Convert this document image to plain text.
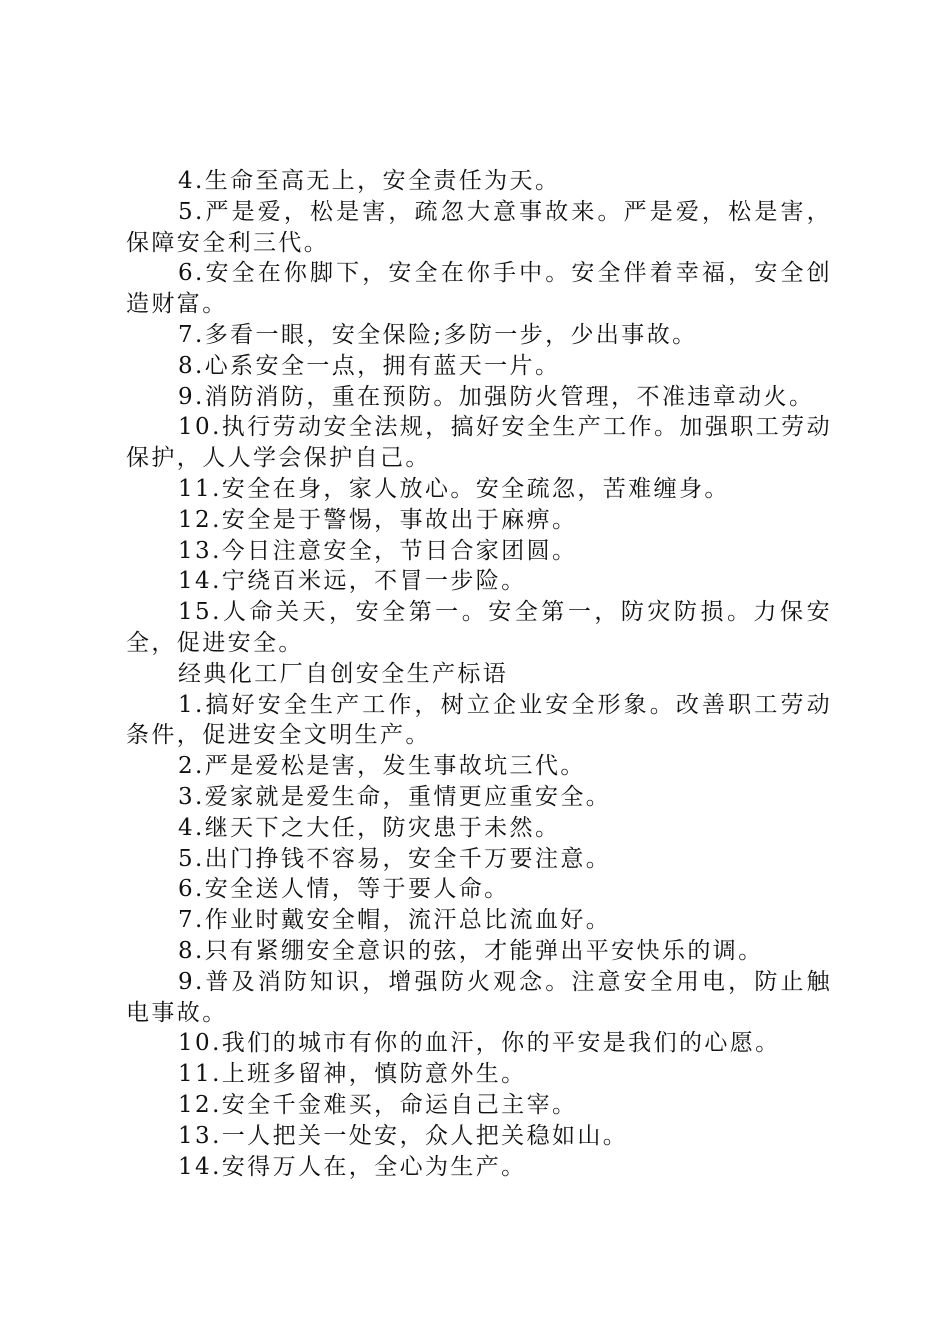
4.生命至高无上，安全责任为天。

5.严是爱，松是害，疏忽大意事故来。严是爱，松是害，保障安全利三代。

6.安全在你脚下，安全在你手中。安全伴着幸福，安全创造财富。

7.多看一眼，安全保险;多防一步，少出事故。

8.心系安全一点，拥有蓝天一片。

9.消防消防，重在预防。加强防火管理，不准违章动火。

10.执行劳动安全法规，搞好安全生产工作。加强职工劳动保护，人人学会保护自己。

11.安全在身，家人放心。安全疏忽，苦难缠身。

12.安全是于警惕，事故出于麻痹。

13.今日注意安全，节日合家团圆。

14.宁绕百米远，不冒一步险。

15.人命关天，安全第一。安全第一，防灾防损。力保安全，促进安全。

经典化工厂自创安全生产标语

1.搞好安全生产工作，树立企业安全形象。改善职工劳动条件，促进安全文明生产。

2.严是爱松是害，发生事故坑三代。

3.爱家就是爱生命，重情更应重安全。

4.继天下之大任，防灾患于未然。

5.出门挣钱不容易，安全千万要注意。

6.安全送人情，等于要人命。

7.作业时戴安全帽，流汗总比流血好。

8.只有紧绷安全意识的弦，才能弹出平安快乐的调。

9.普及消防知识，增强防火观念。注意安全用电，防止触电事故。

10.我们的城市有你的血汗，你的平安是我们的心愿。

11.上班多留神，慎防意外生。

12.安全千金难买，命运自己主宰。

13.一人把关一处安，众人把关稳如山。

14.安得万人在，全心为生产。
